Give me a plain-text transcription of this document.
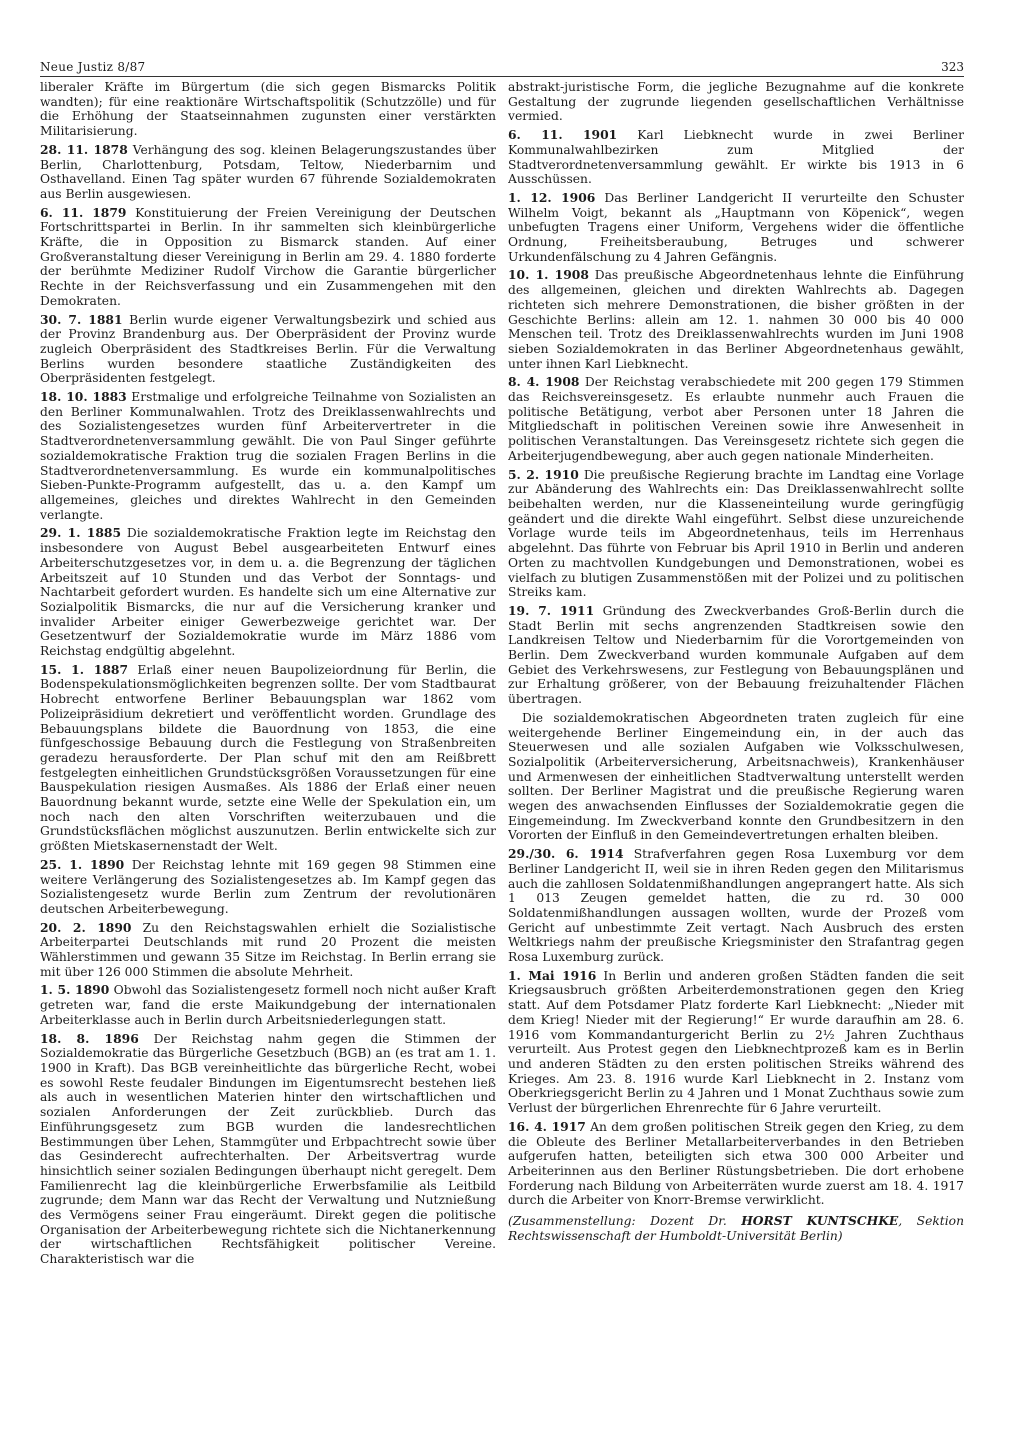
Neue Justiz 8/87	323

liberaler Kräfte im Bürgertum (die sich gegen Bismarcks Politik wandten); für eine reaktionäre Wirtschaftspolitik (Schutzzölle) und für die Erhöhung der Staatseinnahmen zugunsten einer verstärkten Militarisierung.

28. 11. 1878 Verhängung des sog. kleinen Belagerungszustandes über Berlin, Charlottenburg, Potsdam, Teltow, Niederbarnim und Osthavelland. Einen Tag später wurden 67 führende Sozialdemokraten aus Berlin ausgewiesen.

6. 11. 1879 Konstituierung der Freien Vereinigung der Deutschen Fortschrittspartei in Berlin. In ihr sammelten sich kleinbürgerliche Kräfte, die in Opposition zu Bismarck standen. Auf einer Großveranstaltung dieser Vereinigung in Berlin am 29. 4. 1880 forderte der berühmte Mediziner Rudolf Virchow die Garantie bürgerlicher Rechte in der Reichsverfassung und ein Zusammengehen mit den Demokraten.

30. 7. 1881 Berlin wurde eigener Verwaltungsbezirk und schied aus der Provinz Brandenburg aus. Der Oberpräsident der Provinz wurde zugleich Oberpräsident des Stadtkreises Berlin. Für die Verwaltung Berlins wurden besondere staatliche Zuständigkeiten des Oberpräsidenten festgelegt.

18. 10. 1883 Erstmalige und erfolgreiche Teilnahme von Sozialisten an den Berliner Kommunalwahlen. Trotz des Dreiklassenwahlrechts und des Sozialistengesetzes wurden fünf Arbeitervertreter in die Stadtverordnetenversammlung gewählt. Die von Paul Singer geführte sozialdemokratische Fraktion trug die sozialen Fragen Berlins in die Stadtverordnetenversammlung. Es wurde ein kommunalpolitisches Sieben-Punkte-Programm aufgestellt, das u. a. den Kampf um allgemeines, gleiches und direktes Wahlrecht in den Gemeinden verlangte.

29. 1. 1885 Die sozialdemokratische Fraktion legte im Reichstag den insbesondere von August Bebel ausgearbeiteten Entwurf eines Arbeiterschutzgesetzes vor, in dem u. a. die Begrenzung der täglichen Arbeitszeit auf 10 Stunden und das Verbot der Sonntags- und Nachtarbeit gefordert wurden. Es handelte sich um eine Alternative zur Sozialpolitik Bismarcks, die nur auf die Versicherung kranker und invalider Arbeiter einiger Gewerbezweige gerichtet war. Der Gesetzentwurf der Sozialdemokratie wurde im März 1886 vom Reichstag endgültig abgelehnt.

15. 1. 1887 Erlaß einer neuen Baupolizeiordnung für Berlin, die Bodenspekulationsmöglichkeiten begrenzen sollte. Der vom Stadtbaurat Hobrecht entworfene Berliner Bebauungsplan war 1862 vom Polizeipräsidium dekretiert und veröffentlicht worden. Grundlage des Bebauungsplans bildete die Bauordnung von 1853, die eine fünfgeschossige Bebauung durch die Festlegung von Straßenbreiten geradezu herausforderte. Der Plan schuf mit den am Reißbrett festgelegten einheitlichen Grundstücksgrößen Voraussetzungen für eine Bauspekulation riesigen Ausmaßes. Als 1886 der Erlaß einer neuen Bauordnung bekannt wurde, setzte eine Welle der Spekulation ein, um noch nach den alten Vorschriften weiterzubauen und die Grundstücksflächen möglichst auszunutzen. Berlin entwickelte sich zur größten Mietskasernenstadt der Welt.

25. 1. 1890 Der Reichstag lehnte mit 169 gegen 98 Stimmen eine weitere Verlängerung des Sozialistengesetzes ab. Im Kampf gegen das Sozialistengesetz wurde Berlin zum Zentrum der revolutionären deutschen Arbeiterbewegung.

20. 2. 1890 Zu den Reichstagswahlen erhielt die Sozialistische Arbeiterpartei Deutschlands mit rund 20 Prozent die meisten Wählerstimmen und gewann 35 Sitze im Reichstag. In Berlin errang sie mit über 126 000 Stimmen die absolute Mehrheit.

1. 5. 1890 Obwohl das Sozialistengesetz formell noch nicht außer Kraft getreten war, fand die erste Maikundgebung der internationalen Arbeiterklasse auch in Berlin durch Arbeitsniederlegungen statt.

18. 8. 1896 Der Reichstag nahm gegen die Stimmen der Sozialdemokratie das Bürgerliche Gesetzbuch (BGB) an (es trat am 1. 1. 1900 in Kraft). Das BGB vereinheitlichte das bürgerliche Recht, wobei es sowohl Reste feudaler Bindungen im Eigentumsrecht bestehen ließ als auch in wesentlichen Materien hinter den wirtschaftlichen und sozialen Anforderungen der Zeit zurückblieb. Durch das Einführungsgesetz zum BGB wurden die landesrechtlichen Bestimmungen über Lehen, Stammgüter und Erbpachtrecht sowie über das Gesinderecht aufrechterhalten. Der Arbeitsvertrag wurde hinsichtlich seiner sozialen Bedingungen überhaupt nicht geregelt. Dem Familienrecht lag die kleinbürgerliche Erwerbsfamilie als Leitbild zugrunde; dem Mann war das Recht der Verwaltung und Nutznießung des Vermögens seiner Frau eingeräumt. Direkt gegen die politische Organisation der Arbeiterbewegung richtete sich die Nichtanerkennung der wirtschaftlichen Rechtsfähigkeit politischer Vereine. Charakteristisch war die

abstrakt-juristische Form, die jegliche Bezugnahme auf die konkrete Gestaltung der zugrunde liegenden gesellschaftlichen Verhältnisse vermied.

6. 11. 1901 Karl Liebknecht wurde in zwei Berliner Kommunalwahlbezirken zum Mitglied der Stadtverordnetenversammlung gewählt. Er wirkte bis 1913 in 6 Ausschüssen.

1. 12. 1906 Das Berliner Landgericht II verurteilte den Schuster Wilhelm Voigt, bekannt als „Hauptmann von Köpenick“, wegen unbefugten Tragens einer Uniform, Vergehens wider die öffentliche Ordnung, Freiheitsberaubung, Betruges und schwerer Urkundenfälschung zu 4 Jahren Gefängnis.

10. 1. 1908 Das preußische Abgeordnetenhaus lehnte die Einführung des allgemeinen, gleichen und direkten Wahlrechts ab. Dagegen richteten sich mehrere Demonstrationen, die bisher größten in der Geschichte Berlins: allein am 12. 1. nahmen 30 000 bis 40 000 Menschen teil. Trotz des Dreiklassenwahlrechts wurden im Juni 1908 sieben Sozialdemokraten in das Berliner Abgeordnetenhaus gewählt, unter ihnen Karl Liebknecht.

8. 4. 1908 Der Reichstag verabschiedete mit 200 gegen 179 Stimmen das Reichsvereinsgesetz. Es erlaubte nunmehr auch Frauen die politische Betätigung, verbot aber Personen unter 18 Jahren die Mitgliedschaft in politischen Vereinen sowie ihre Anwesenheit in politischen Veranstaltungen. Das Vereinsgesetz richtete sich gegen die Arbeiterjugendbewegung, aber auch gegen nationale Minderheiten.

5. 2. 1910 Die preußische Regierung brachte im Landtag eine Vorlage zur Abänderung des Wahlrechts ein: Das Dreiklassenwahlrecht sollte beibehalten werden, nur die Klasseneinteilung wurde geringfügig geändert und die direkte Wahl eingeführt. Selbst diese unzureichende Vorlage wurde teils im Abgeordnetenhaus, teils im Herrenhaus abgelehnt. Das führte von Februar bis April 1910 in Berlin und anderen Orten zu machtvollen Kundgebungen und Demonstrationen, wobei es vielfach zu blutigen Zusammenstößen mit der Polizei und zu politischen Streiks kam.

19. 7. 1911 Gründung des Zweckverbandes Groß-Berlin durch die Stadt Berlin mit sechs angrenzenden Stadtkreisen sowie den Landkreisen Teltow und Niederbarnim für die Vorortgemeinden von Berlin. Dem Zweckverband wurden kommunale Aufgaben auf dem Gebiet des Verkehrswesens, zur Festlegung von Bebauungsplänen und zur Erhaltung größerer, von der Bebauung freizuhaltender Flächen übertragen.

Die sozialdemokratischen Abgeordneten traten zugleich für eine weitergehende Berliner Eingemeindung ein, in der auch das Steuerwesen und alle sozialen Aufgaben wie Volksschulwesen, Sozialpolitik (Arbeiterversicherung, Arbeitsnachweis), Krankenhäuser und Armenwesen der einheitlichen Stadtverwaltung unterstellt werden sollten. Der Berliner Magistrat und die preußische Regierung waren wegen des anwachsenden Einflusses der Sozialdemokratie gegen die Eingemeindung. Im Zweckverband konnte den Grundbesitzern in den Vororten der Einfluß in den Gemeindevertretungen erhalten bleiben.

29./30. 6. 1914 Strafverfahren gegen Rosa Luxemburg vor dem Berliner Landgericht II, weil sie in ihren Reden gegen den Militarismus auch die zahllosen Soldatenmißhandlungen angeprangert hatte. Als sich 1 013 Zeugen gemeldet hatten, die zu rd. 30 000 Soldatenmißhandlungen aussagen wollten, wurde der Prozeß vom Gericht auf unbestimmte Zeit vertagt. Nach Ausbruch des ersten Weltkriegs nahm der preußische Kriegsminister den Strafantrag gegen Rosa Luxemburg zurück.

1. Mai 1916 In Berlin und anderen großen Städten fanden die seit Kriegsausbruch größten Arbeiterdemonstrationen gegen den Krieg statt. Auf dem Potsdamer Platz forderte Karl Liebknecht: „Nieder mit dem Krieg! Nieder mit der Regierung!“ Er wurde daraufhin am 28. 6. 1916 vom Kommandanturgericht Berlin zu 2½ Jahren Zuchthaus verurteilt. Aus Protest gegen den Liebknechtprozeß kam es in Berlin und anderen Städten zu den ersten politischen Streiks während des Krieges. Am 23. 8. 1916 wurde Karl Liebknecht in 2. Instanz vom Oberkriegsgericht Berlin zu 4 Jahren und 1 Monat Zuchthaus sowie zum Verlust der bürgerlichen Ehrenrechte für 6 Jahre verurteilt.

16. 4. 1917 An dem großen politischen Streik gegen den Krieg, zu dem die Obleute des Berliner Metallarbeiterverbandes in den Betrieben aufgerufen hatten, beteiligten sich etwa 300 000 Arbeiter und Arbeiterinnen aus den Berliner Rüstungsbetrieben. Die dort erhobene Forderung nach Bildung von Arbeiterräten wurde zuerst am 18. 4. 1917 durch die Arbeiter von Knorr-Bremse verwirklicht.

(Zusammenstellung: Dozent Dr. HORST KUNTSCHKE, Sektion Rechtswissenschaft der Humboldt-Universität Berlin)
